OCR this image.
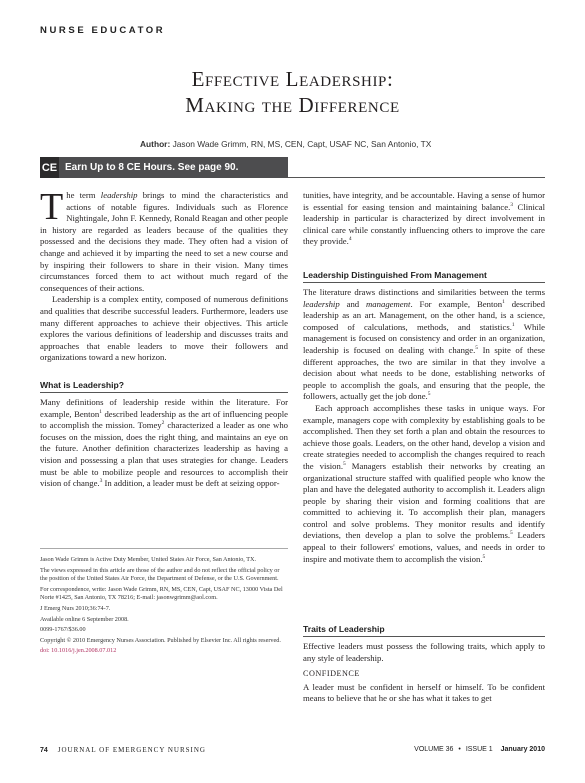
NURSE EDUCATOR
Effective Leadership:
Making the Difference
Author: Jason Wade Grimm, RN, MS, CEN, Capt, USAF NC, San Antonio, TX
CE Earn Up to 8 CE Hours. See page 90.

The term leadership brings to mind the characteristics and actions of notable figures. Individuals such as Florence Nightingale, John F. Kennedy, Ronald Reagan and other people in history are regarded as leaders because of the qualities they possessed and the decisions they made. They often had a vision of change and achieved it by imparting the need to set a new course and by inspiring their followers to share in their vision. Many times circumstances forced them to act without much regard of the consequences of their actions.

Leadership is a complex entity, composed of numerous definitions and qualities that describe successful leaders. Furthermore, leaders use many different approaches to achieve their objectives. This article explores the various definitions of leadership and discusses traits and approaches that enable leaders to move their followers and organizations toward a new horizon.

What is Leadership?

Many definitions of leadership reside within the literature. For example, Benton$^1$ described leadership as the art of influencing people to accomplish the mission. Tomey$^2$ characterized a leader as one who focuses on the mission, does the right thing, and maintains an eye on the future. Another definition characterizes leadership as having a vision and possessing a plan that uses strategies for change. Leaders must be able to mobilize people and resources to accomplish their vision of change.$^3$ In addition, a leader must be deft at seizing oppor-

Jason Wade Grimm is Active Duty Member, United States Air Force, San Antonio, TX.

The views expressed in this article are those of the author and do not reflect the official policy or the position of the United States Air Force, the Department of Defense, or the U.S. Government.

For correspondence, write: Jason Wade Grimm, RN, MS, CEN, Capt, USAF NC, 13000 Vista Del Norte #1425, San Antonio, TX 78216; E-mail: jasonwgrimm@aol.com.

J Emerg Nurs 2010;36:74-7.

Available online 6 September 2008.

0099-1767/$36.00

Copyright © 2010 Emergency Nurses Association. Published by Elsevier Inc. All rights reserved.

doi: 10.1016/j.jen.2008.07.012

tunities, have integrity, and be accountable. Having a sense of humor is essential for easing tension and maintaining balance.$^3$ Clinical leadership in particular is characterized by direct involvement in clinical care while constantly influencing others to improve the care they provide.$^4$

Leadership Distinguished From Management

The literature draws distinctions and similarities between the terms leadership and management. For example, Benton$^1$ described leadership as an art. Management, on the other hand, is a science, composed of calculations, methods, and statistics.$^1$ While management is focused on consistency and order in an organization, leadership is focused on dealing with change.$^5$ In spite of these different approaches, the two are similar in that they involve a decision about what needs to be done, establishing networks of people to accomplish the goals, and ensuring that the people, the followers, actually get the job done.$^5$

Each approach accomplishes these tasks in unique ways. For example, managers cope with complexity by establishing goals to be accomplished. Then they set forth a plan and obtain the resources to achieve those goals. Leaders, on the other hand, develop a vision and create strategies needed to accomplish the changes required to reach the vision.$^5$ Managers establish their networks by creating an organizational structure staffed with qualified people who know the plan and have the delegated authority to accomplish it. Leaders align people by sharing their vision and forming coalitions that are committed to achieving it. To accomplish their plan, managers control and solve problems. They monitor results and identify deviations, then develop a plan to solve the problems.$^5$ Leaders appeal to their followers' emotions, values, and needs in order to inspire and motivate them to accomplish the vision.$^5$

Traits of Leadership

Effective leaders must possess the following traits, which apply to any style of leadership.

CONFIDENCE

A leader must be confident in herself or himself. To be confident means to believe that he or she has what it takes to get

74 JOURNAL OF EMERGENCY NURSING	VOLUME 36 • ISSUE 1 January 2010
